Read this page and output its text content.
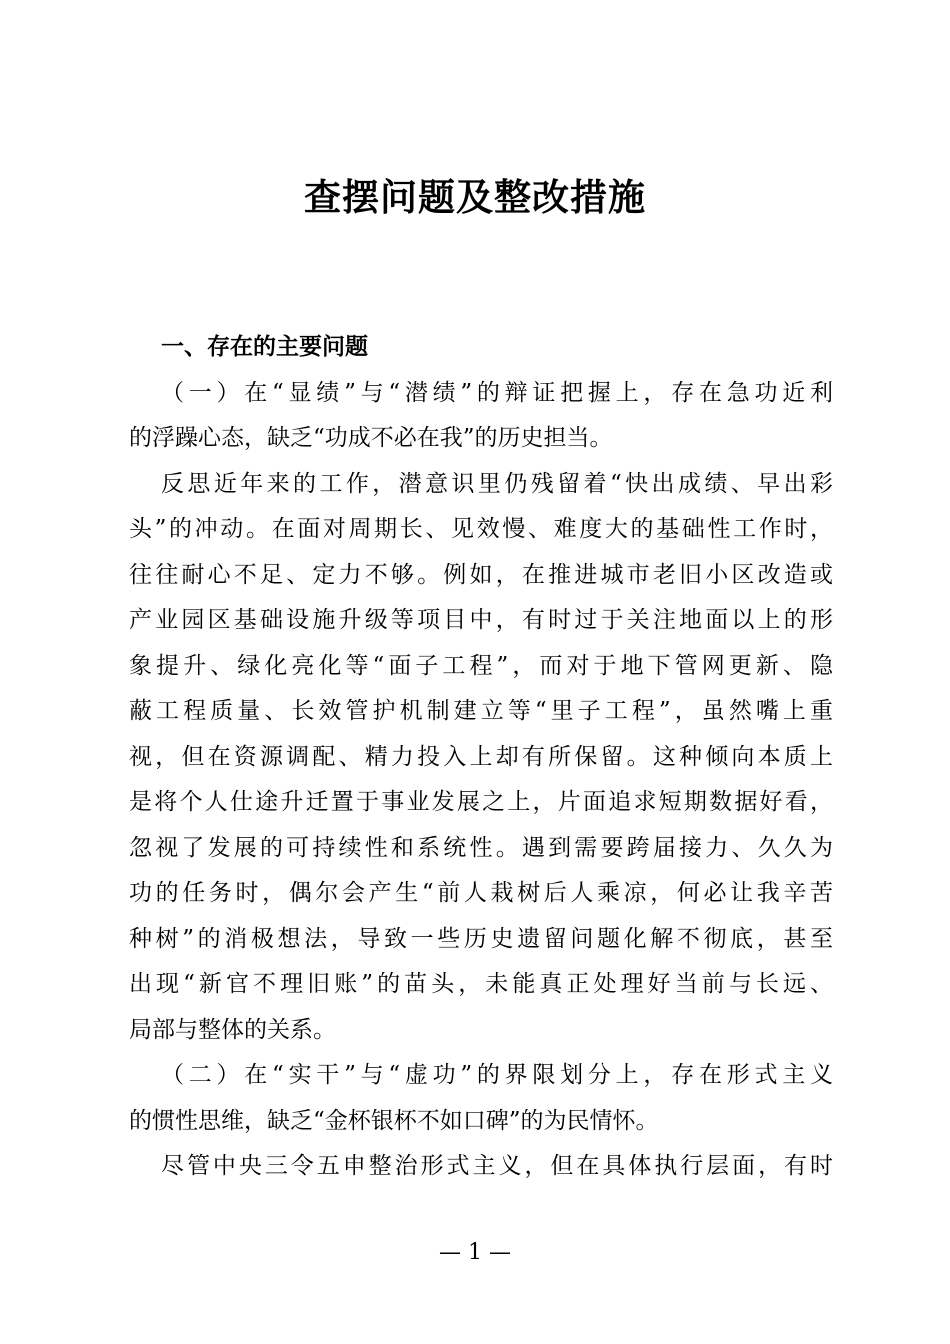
查摆问题及整改措施
一、存在的主要问题
（一）在“显绩”与“潜绩”的辩证把握上，存在急功近利
的浮躁心态，缺乏“功成不必在我”的历史担当。
反思近年来的工作，潜意识里仍残留着“快出成绩、早出彩
头”的冲动。在面对周期长、见效慢、难度大的基础性工作时，
往往耐心不足、定力不够。例如，在推进城市老旧小区改造或
产业园区基础设施升级等项目中，有时过于关注地面以上的形
象提升、绿化亮化等“面子工程”，而对于地下管网更新、隐
蔽工程质量、长效管护机制建立等“里子工程”，虽然嘴上重
视，但在资源调配、精力投入上却有所保留。这种倾向本质上
是将个人仕途升迁置于事业发展之上，片面追求短期数据好看，
忽视了发展的可持续性和系统性。遇到需要跨届接力、久久为
功的任务时，偶尔会产生“前人栽树后人乘凉，何必让我辛苦
种树”的消极想法，导致一些历史遗留问题化解不彻底，甚至
出现“新官不理旧账”的苗头，未能真正处理好当前与长远、
局部与整体的关系。
（二）在“实干”与“虚功”的界限划分上，存在形式主义
的惯性思维，缺乏“金杯银杯不如口碑”的为民情怀。
尽管中央三令五申整治形式主义，但在具体执行层面，有时
— 1 —
